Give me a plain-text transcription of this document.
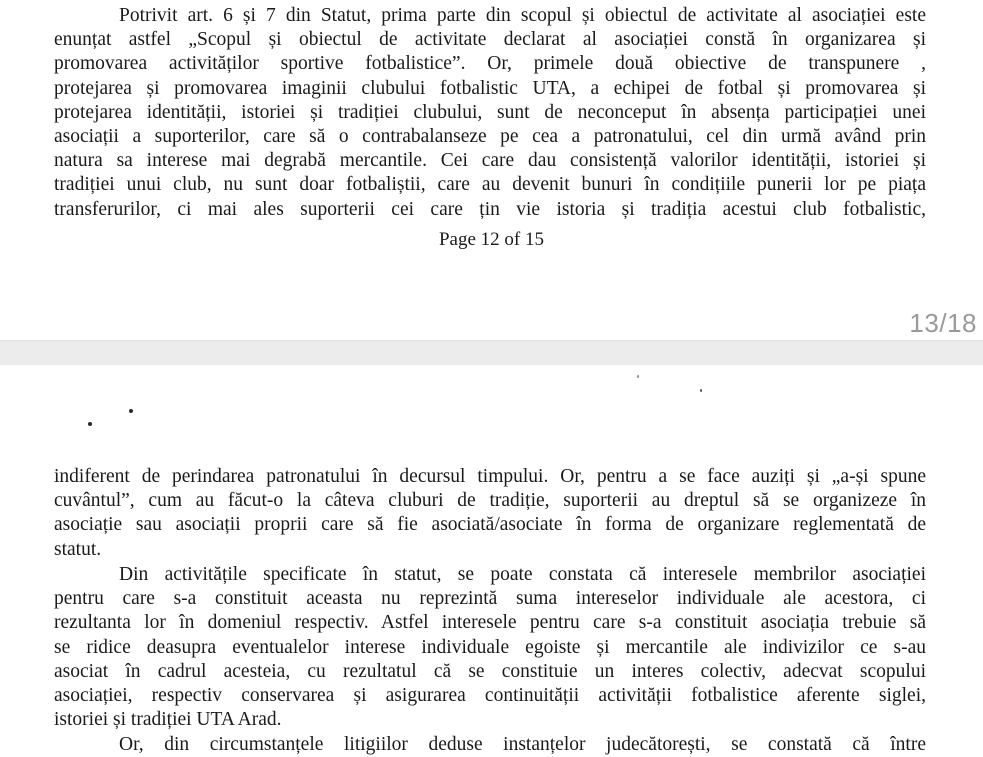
Potrivit art. 6 și 7 din Statut, prima parte din scopul și obiectul de activitate al asociației este
enunțat astfel „Scopul și obiectul de activitate declarat al asociației constă în organizarea și
promovarea activităților sportive fotbalistice”. Or, primele două obiective de transpunere ,
protejarea și promovarea imaginii clubului fotbalistic UTA, a echipei de fotbal și promovarea și
protejarea identității, istoriei și tradiției clubului, sunt de neconceput în absența participației unei
asociații a suporterilor, care să o contrabalanseze pe cea a patronatului, cel din urmă având prin
natura sa interese mai degrabă mercantile. Cei care dau consistență valorilor identității, istoriei și
tradiției unui club, nu sunt doar fotbaliștii, care au devenit bunuri în condițiile punerii lor pe piața
transferurilor, ci mai ales suporterii cei care țin vie istoria și tradiția acestui club fotbalistic,
Page 12 of 15
13/18
indiferent de perindarea patronatului în decursul timpului. Or, pentru a se face auziți și „a-și spune
cuvântul”, cum au făcut-o la câteva cluburi de tradiție, suporterii au dreptul să se organizeze în
asociație sau asociații proprii care să fie asociată/asociate în forma de organizare reglementată de
statut.
Din activitățile specificate în statut, se poate constata că interesele membrilor asociației
pentru care s-a constituit aceasta nu reprezintă suma intereselor individuale ale acestora, ci
rezultanta lor în domeniul respectiv. Astfel interesele pentru care s-a constituit asociația trebuie să
se ridice deasupra eventualelor interese individuale egoiste și mercantile ale indivizilor ce s-au
asociat în cadrul acesteia, cu rezultatul că se constituie un interes colectiv, adecvat scopului
asociației, respectiv conservarea și asigurarea continuității activității fotbalistice aferente siglei,
istoriei și tradiției UTA Arad.
Or, din circumstanțele litigiilor deduse instanțelor judecătorești, se constată că între
